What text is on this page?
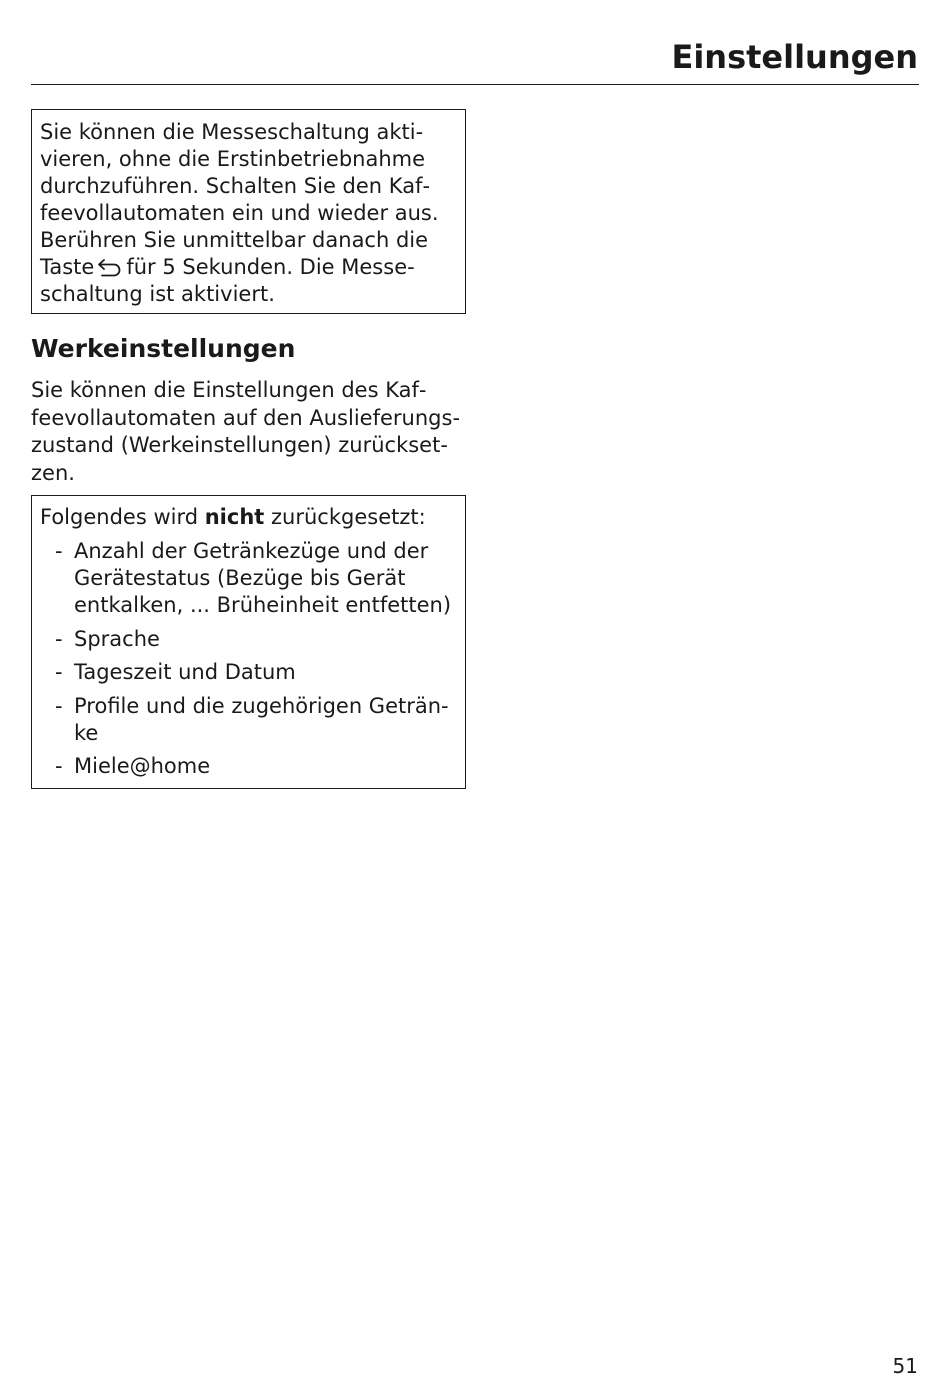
Einstellungen

Sie können die Messeschaltung aktivieren, ohne die Erstinbetriebnahme durchzuführen. Schalten Sie den Kaffeevollautomaten ein und wieder aus. Berühren Sie unmittelbar danach die Taste für 5 Sekunden. Die Messeschaltung ist aktiviert.

Werkeinstellungen

Sie können die Einstellungen des Kaffeevollautomaten auf den Auslieferungszustand (Werkeinstellungen) zurücksetzen.

Folgendes wird nicht zurückgesetzt:

- Anzahl der Getränkezüge und der Gerätestatus (Bezüge bis Gerät entkalken, ... Brüheinheit entfetten)
- Sprache
- Tageszeit und Datum
- Profile und die zugehörigen Getränke
- Miele@home

51
